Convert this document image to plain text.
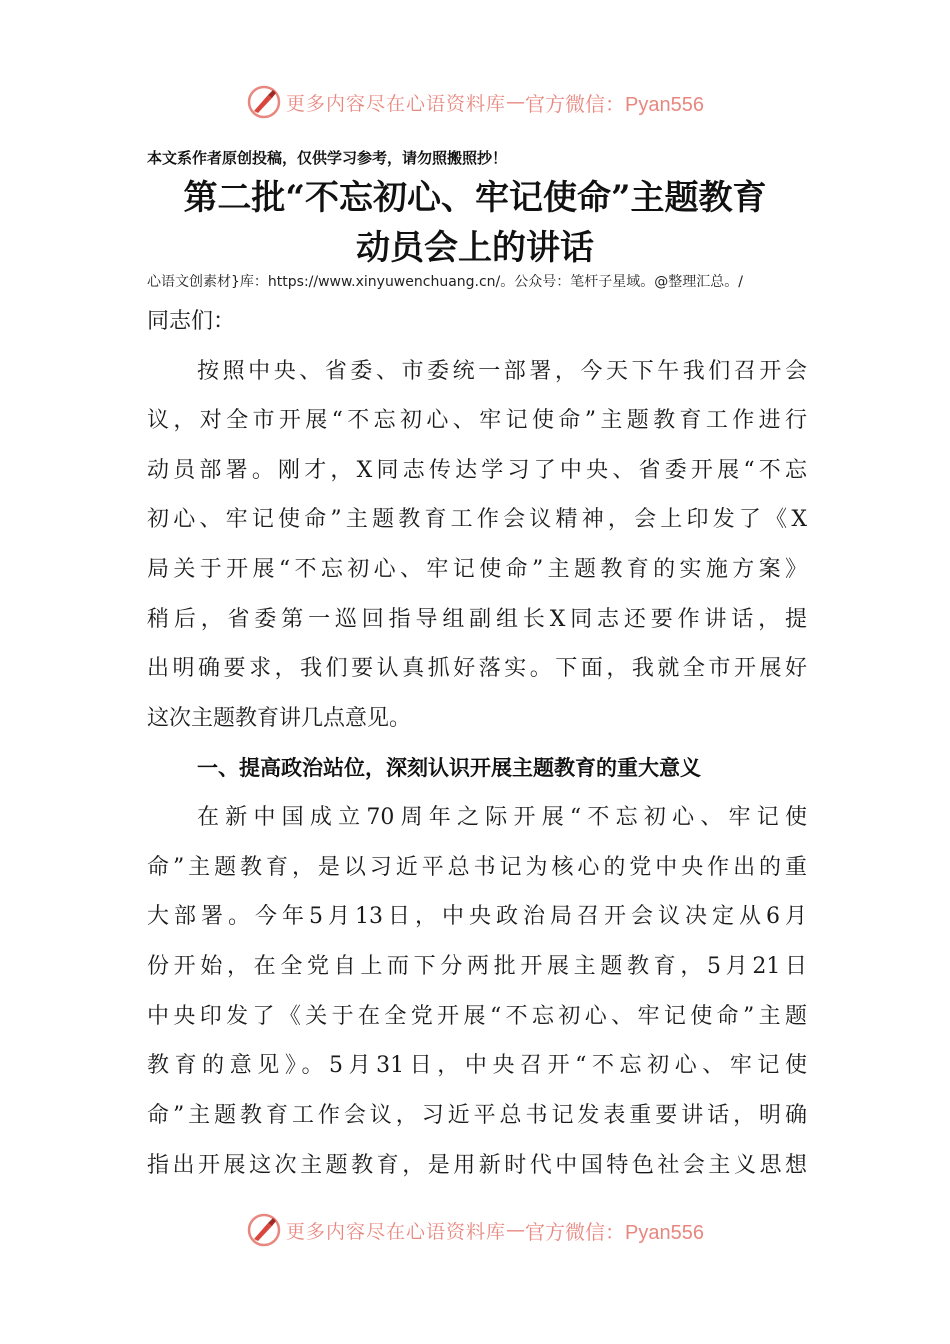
更多内容尽在心语资料库 — 官方微信：Pyan556
本文系作者原创投稿，仅供学习参考，请勿照搬照抄！
第二批“不忘初心、牢记使命”主题教育
动员会上的讲话
心语文创素材}库：https://www.xinyuwenchuang.cn/。公众号：笔杆子星域。@整理汇总。/
同志们：
按照中央、省委、市委统一部署，今天下午我们召开会
议，对全市开展“不忘初心、牢记使命”主题教育工作进行
动员部署。刚才，X同志传达学习了中央、省委开展“不忘
初心、牢记使命”主题教育工作会议精神，会上印发了《X
局关于开展“不忘初心、牢记使命”主题教育的实施方案》
稍后，省委第一巡回指导组副组长X同志还要作讲话，提
出明确要求，我们要认真抓好落实。下面，我就全市开展好
这次主题教育讲几点意见。
一、提高政治站位，深刻认识开展主题教育的重大意义
在新中国成立70周年之际开展“不忘初心、牢记使
命”主题教育，是以习近平总书记为核心的党中央作出的重
大部署。今年5月13日，中央政治局召开会议决定从6月
份开始，在全党自上而下分两批开展主题教育，5月21日
中央印发了《关于在全党开展“不忘初心、牢记使命”主题
教育的意见》。5月31日，中央召开“不忘初心、牢记使
命”主题教育工作会议，习近平总书记发表重要讲话，明确
指出开展这次主题教育，是用新时代中国特色社会主义思想
更多内容尽在心语资料库 — 官方微信：Pyan556
